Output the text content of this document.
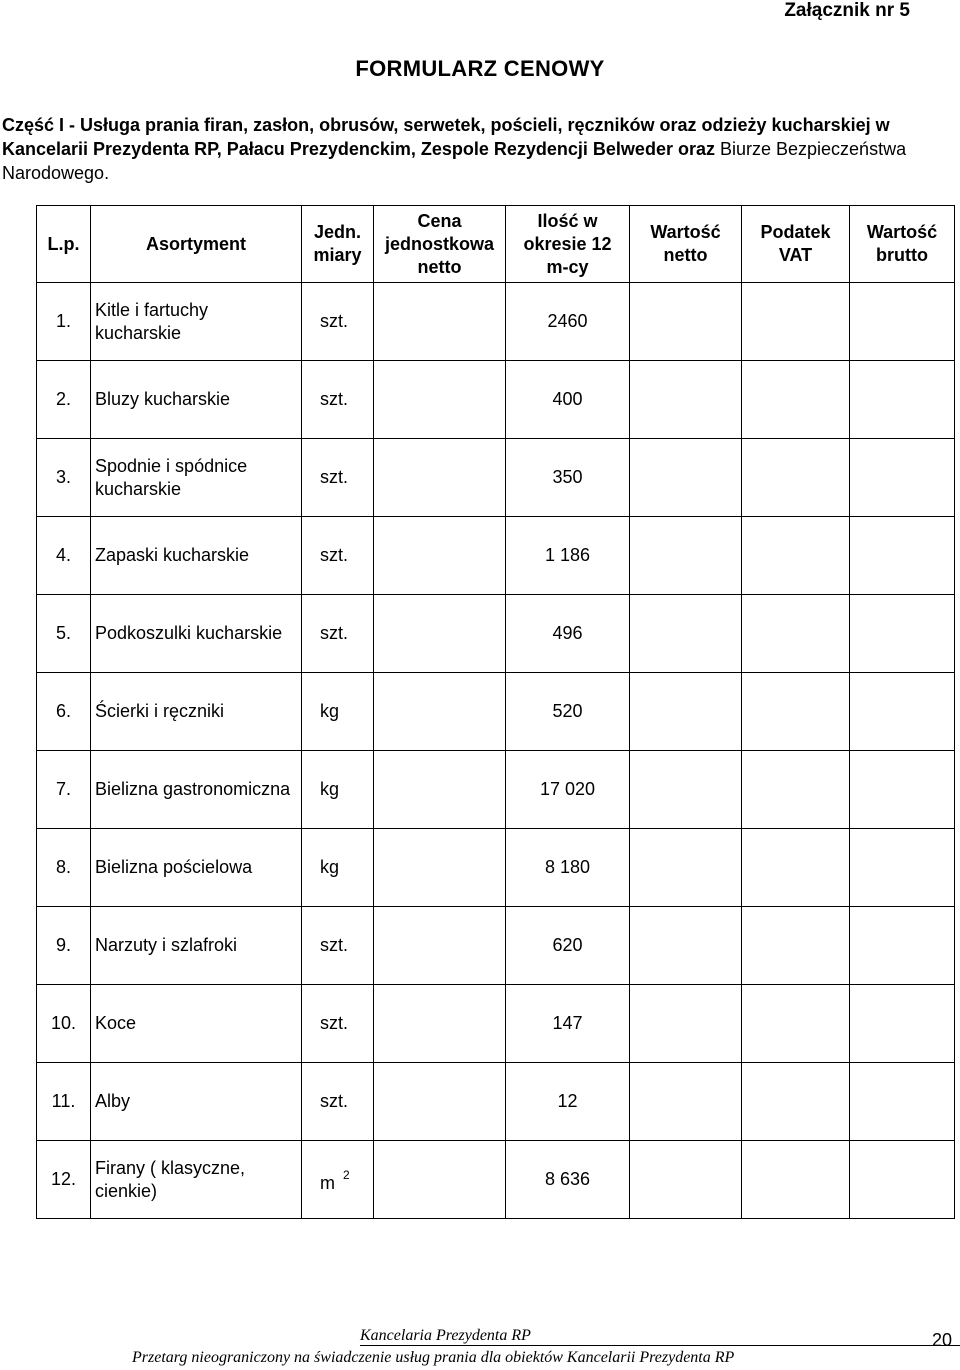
Załącznik nr 5
FORMULARZ CENOWY
Część I - Usługa prania firan, zasłon, obrusów, serwetek, pościeli, ręczników oraz odzieży kucharskiej w Kancelarii Prezydenta RP, Pałacu Prezydenckim, Zespole Rezydencji Belweder oraz Biurze Bezpieczeństwa Narodowego.
L.p.	Asortyment	Jedn. miary	Cena jednostkowa netto	Ilość w okresie 12 m-cy	Wartość netto	Podatek VAT	Wartość brutto
1.	Kitle i fartuchy kucharskie	szt.		2460			
2.	Bluzy kucharskie	szt.		400			
3.	Spodnie i spódnice kucharskie	szt.		350			
4.	Zapaski kucharskie	szt.		1 186			
5.	Podkoszulki kucharskie	szt.		496			
6.	Ścierki i ręczniki	kg		520			
7.	Bielizna gastronomiczna	kg		17 020			
8.	Bielizna pościelowa	kg		8 180			
9.	Narzuty i szlafroki	szt.		620			
10.	Koce	szt.		147			
11.	Alby	szt.		12			
12.	Firany ( klasyczne, cienkie)	m $^2$		8 636			
Kancelaria Prezydenta RP
Przetarg nieograniczony na świadczenie usług prania dla obiektów Kancelarii Prezydenta RP
20
